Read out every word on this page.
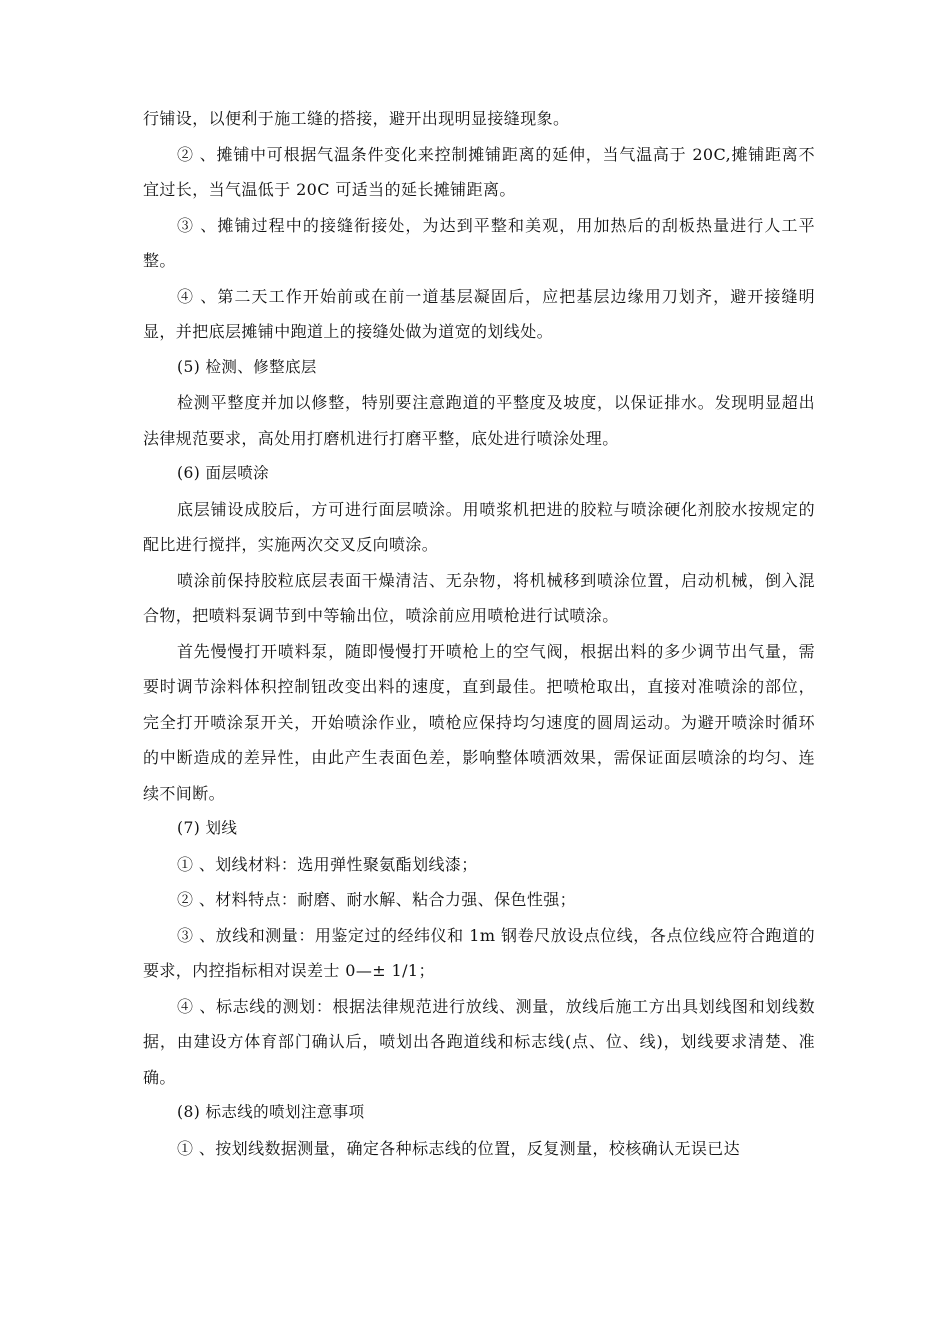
行铺设，以便利于施工缝的搭接，避开出现明显接缝现象。

② 、摊铺中可根据气温条件变化来控制摊铺距离的延伸，当气温高于 20C,摊铺距离不宜过长，当气温低于 20C 可适当的延长摊铺距离。

③ 、摊铺过程中的接缝衔接处，为达到平整和美观，用加热后的刮板热量进行人工平整。

④ 、第二天工作开始前或在前一道基层凝固后，应把基层边缘用刀划齐，避开接缝明显，并把底层摊铺中跑道上的接缝处做为道宽的划线处。

(5) 检测、修整底层

检测平整度并加以修整，特别要注意跑道的平整度及坡度，以保证排水。发现明显超出法律规范要求，高处用打磨机进行打磨平整，底处进行喷涂处理。

(6) 面层喷涂

底层铺设成胶后，方可进行面层喷涂。用喷浆机把进的胶粒与喷涂硬化剂胶水按规定的配比进行搅拌，实施两次交叉反向喷涂。

喷涂前保持胶粒底层表面干燥清洁、无杂物，将机械移到喷涂位置，启动机械，倒入混合物，把喷料泵调节到中等输出位，喷涂前应用喷枪进行试喷涂。

首先慢慢打开喷料泵，随即慢慢打开喷枪上的空气阀，根据出料的多少调节出气量，需要时调节涂料体积控制钮改变出料的速度，直到最佳。把喷枪取出，直接对准喷涂的部位，完全打开喷涂泵开关，开始喷涂作业，喷枪应保持均匀速度的圆周运动。为避开喷涂时循环的中断造成的差异性，由此产生表面色差，影响整体喷洒效果，需保证面层喷涂的均匀、连续不间断。

(7) 划线

① 、划线材料：选用弹性聚氨酯划线漆；

② 、材料特点：耐磨、耐水解、粘合力强、保色性强；

③ 、放线和测量：用鉴定过的经纬仪和 1m 钢卷尺放设点位线，各点位线应符合跑道的要求，内控指标相对误差士 0—± 1/1；

④ 、标志线的测划：根据法律规范进行放线、测量，放线后施工方出具划线图和划线数据，由建设方体育部门确认后，喷划出各跑道线和标志线(点、位、线)，划线要求清楚、准确。

(8) 标志线的喷划注意事项

① 、按划线数据测量，确定各种标志线的位置，反复测量，校核确认无误已达
